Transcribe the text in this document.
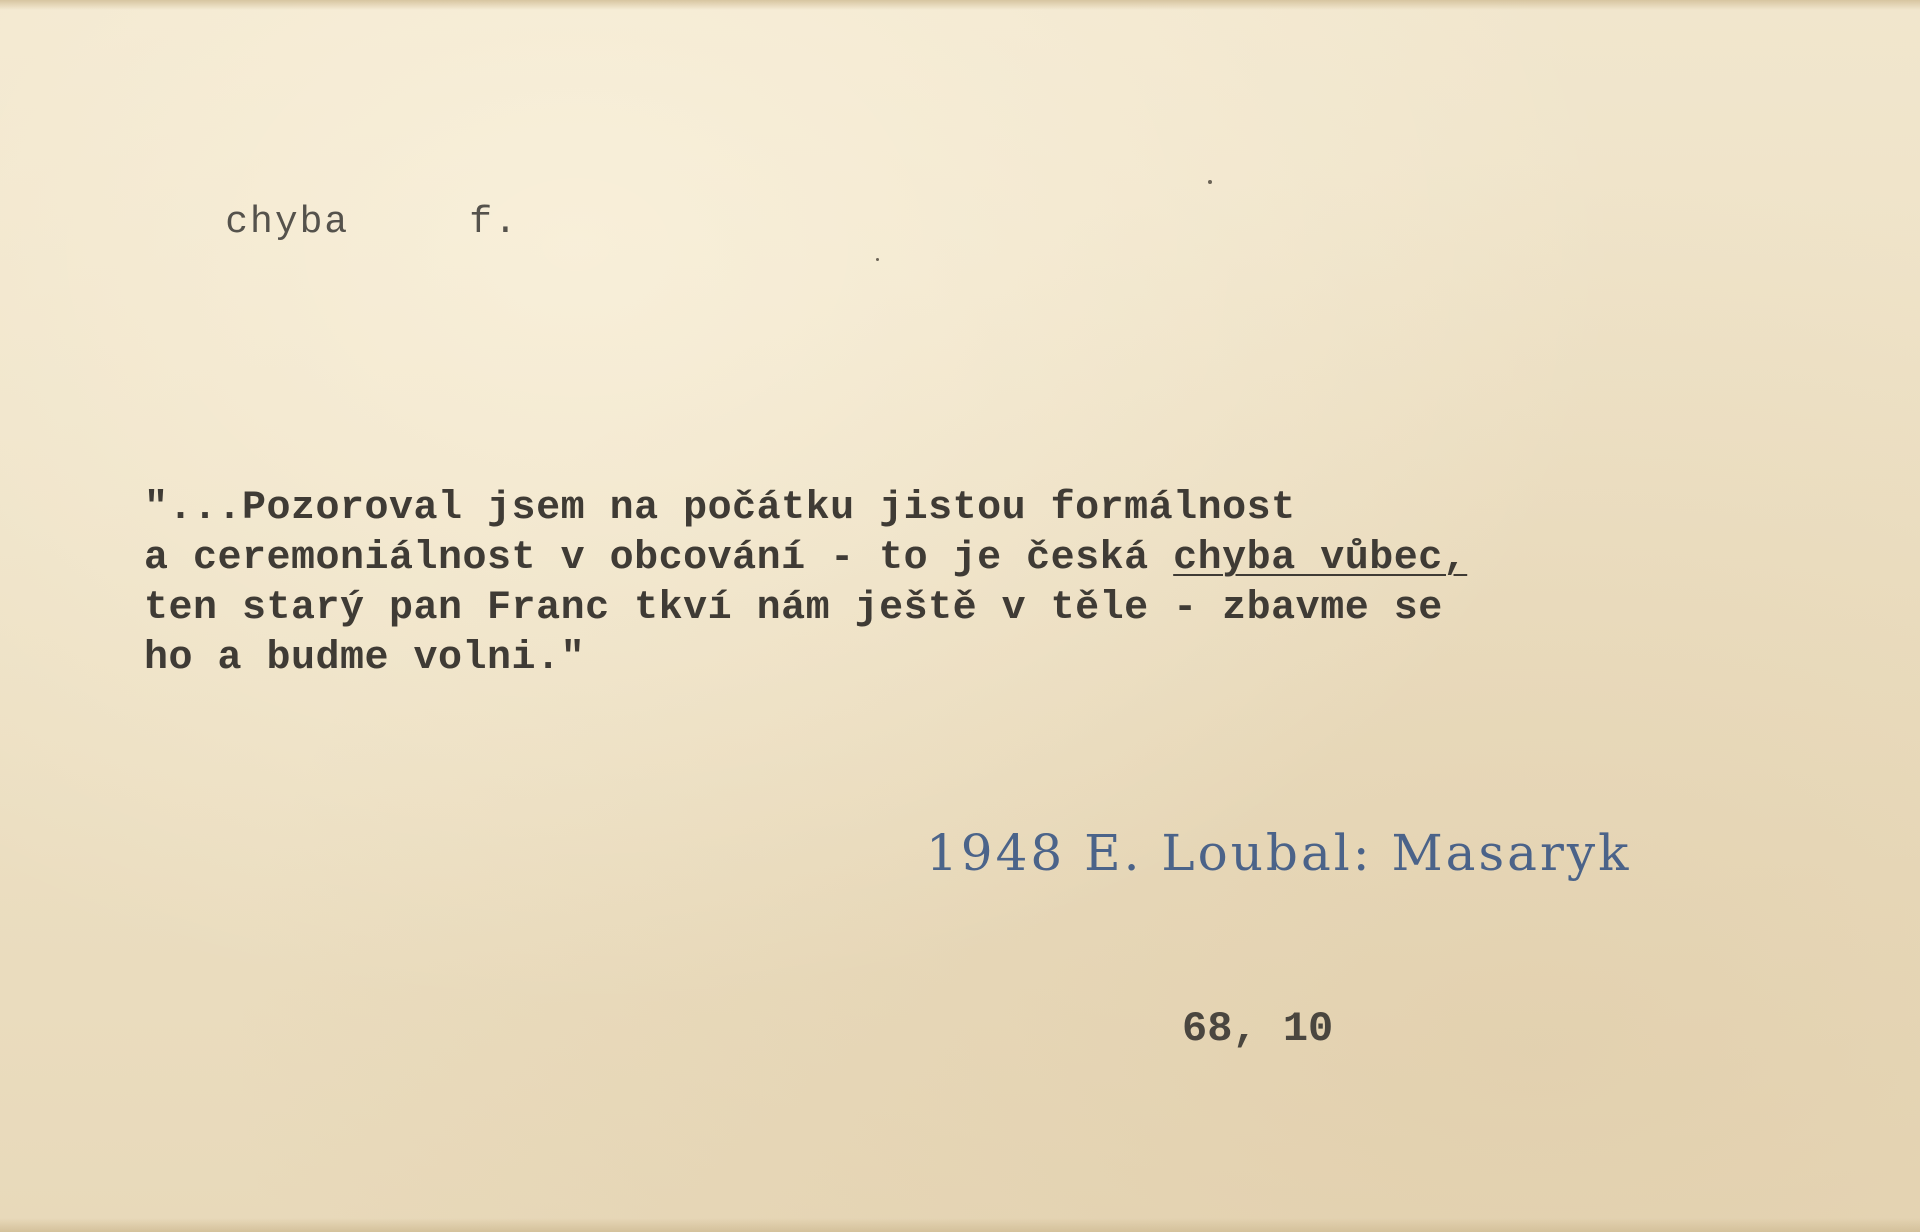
chyba	f.

"...Pozoroval jsem na počátku jistou formálnost
a ceremoniálnost v obcování - to je česká chyba vůbec,
ten starý pan Franc tkví nám ještě v těle - zbavme se
ho a budme volni."
1948 E. Loubal: Masaryk
68, 10
